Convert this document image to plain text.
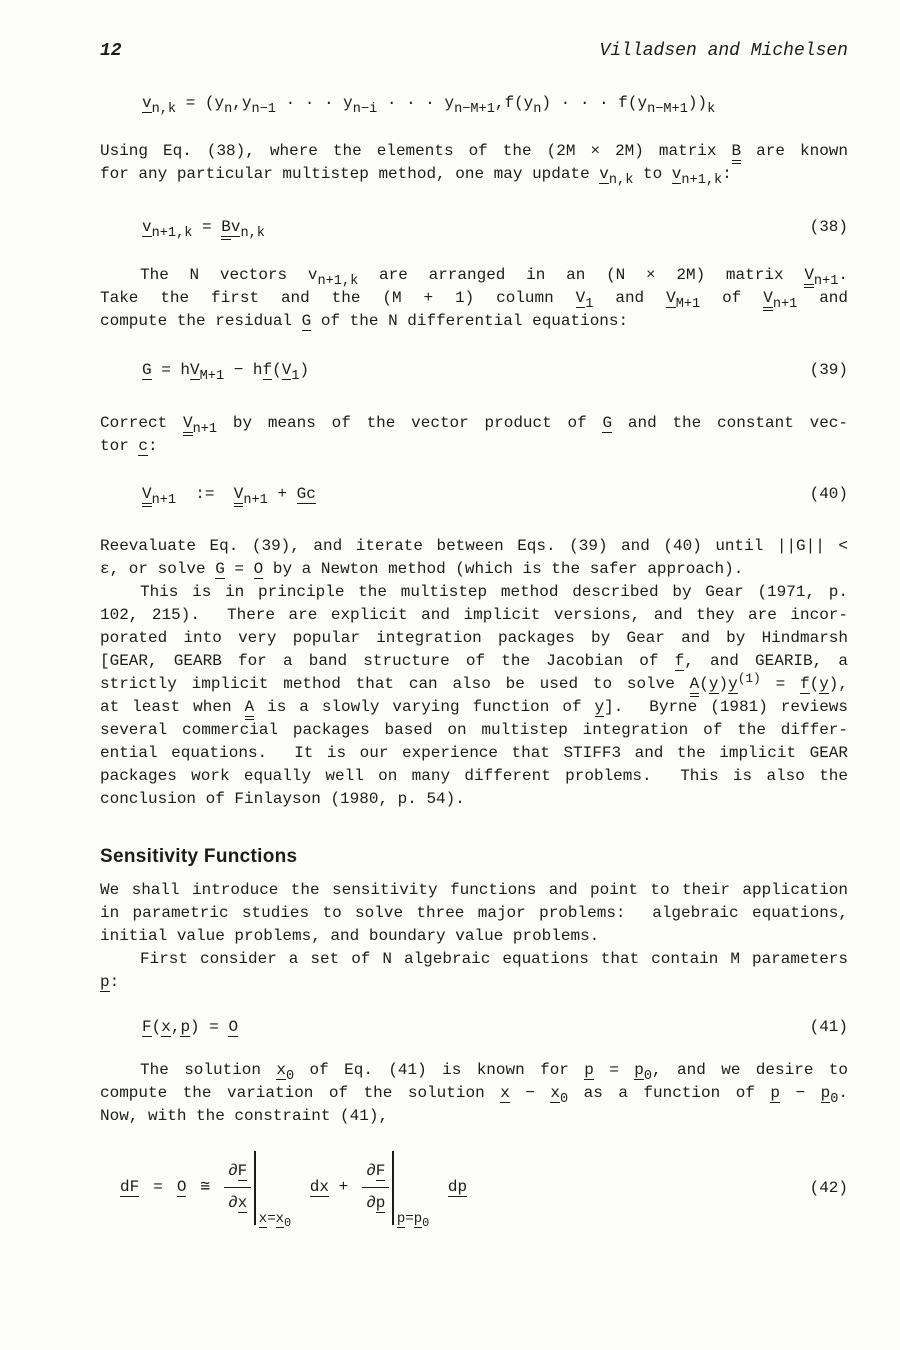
12	Villadsen and Michelsen
$v_{n,k} = (y_n,y_{n-1}$ · · · $y_{n-i}$ · · · $y_{n-M+1},f(y_n)$ · · · $f(y_{n-M+1}))_k$
Using Eq. (38), where the elements of the (2M × 2M) matrix B are known
for any particular multistep method, one may update $v_{n,k}$ to $v_{n+1,k}$:
$v_{n+1,k} = Bv_{n,k}$	(38)
The N vectors $v_{n+1,k}$ are arranged in an (N × 2M) matrix $V_{n+1}$.
Take the first and the (M + 1) column $V_1$ and $V_{M+1}$ of $V_{n+1}$ and
compute the residual G of the N differential equations:
$G = hV_{M+1} - hf(V_1)$	(39)
Correct $V_{n+1}$ by means of the vector product of G and the constant vec-
tor c:
$V_{n+1}$  :=  $V_{n+1} + Gc$	(40)
Reevaluate Eq. (39), and iterate between Eqs. (39) and (40) until ||G|| <
ε, or solve G = O by a Newton method (which is the safer approach).
This is in principle the multistep method described by Gear (1971, p.
102, 215).  There are explicit and implicit versions, and they are incor-
porated into very popular integration packages by Gear and by Hindmarsh
[GEAR, GEARB for a band structure of the Jacobian of f, and GEARIB, a
strictly implicit method that can also be used to solve $A(y)y^{(1)} = f(y)$,
at least when A is a slowly varying function of y].  Byrne (1981) reviews
several commercial packages based on multistep integration of the differ-
ential equations.  It is our experience that STIFF3 and the implicit GEAR
packages work equally well on many different problems.  This is also the
conclusion of Finlayson (1980, p. 54).
Sensitivity Functions
We shall introduce the sensitivity functions and point to their application
in parametric studies to solve three major problems:  algebraic equations,
initial value problems, and boundary value problems.
First consider a set of N algebraic equations that contain M parameters
p:
F(x,p) = O	(41)
The solution $x_0$ of Eq. (41) is known for $p = p_0$, and we desire to
compute the variation of the solution $x - x_0$ as a function of $p - p_0$.
Now, with the constraint (41),
dF = O ≅ $\frac{\partial F}{\partial x}$
$x=x_0$
dx + $\frac{\partial F}{\partial p}$
$p=p_0$
dp	(42)
